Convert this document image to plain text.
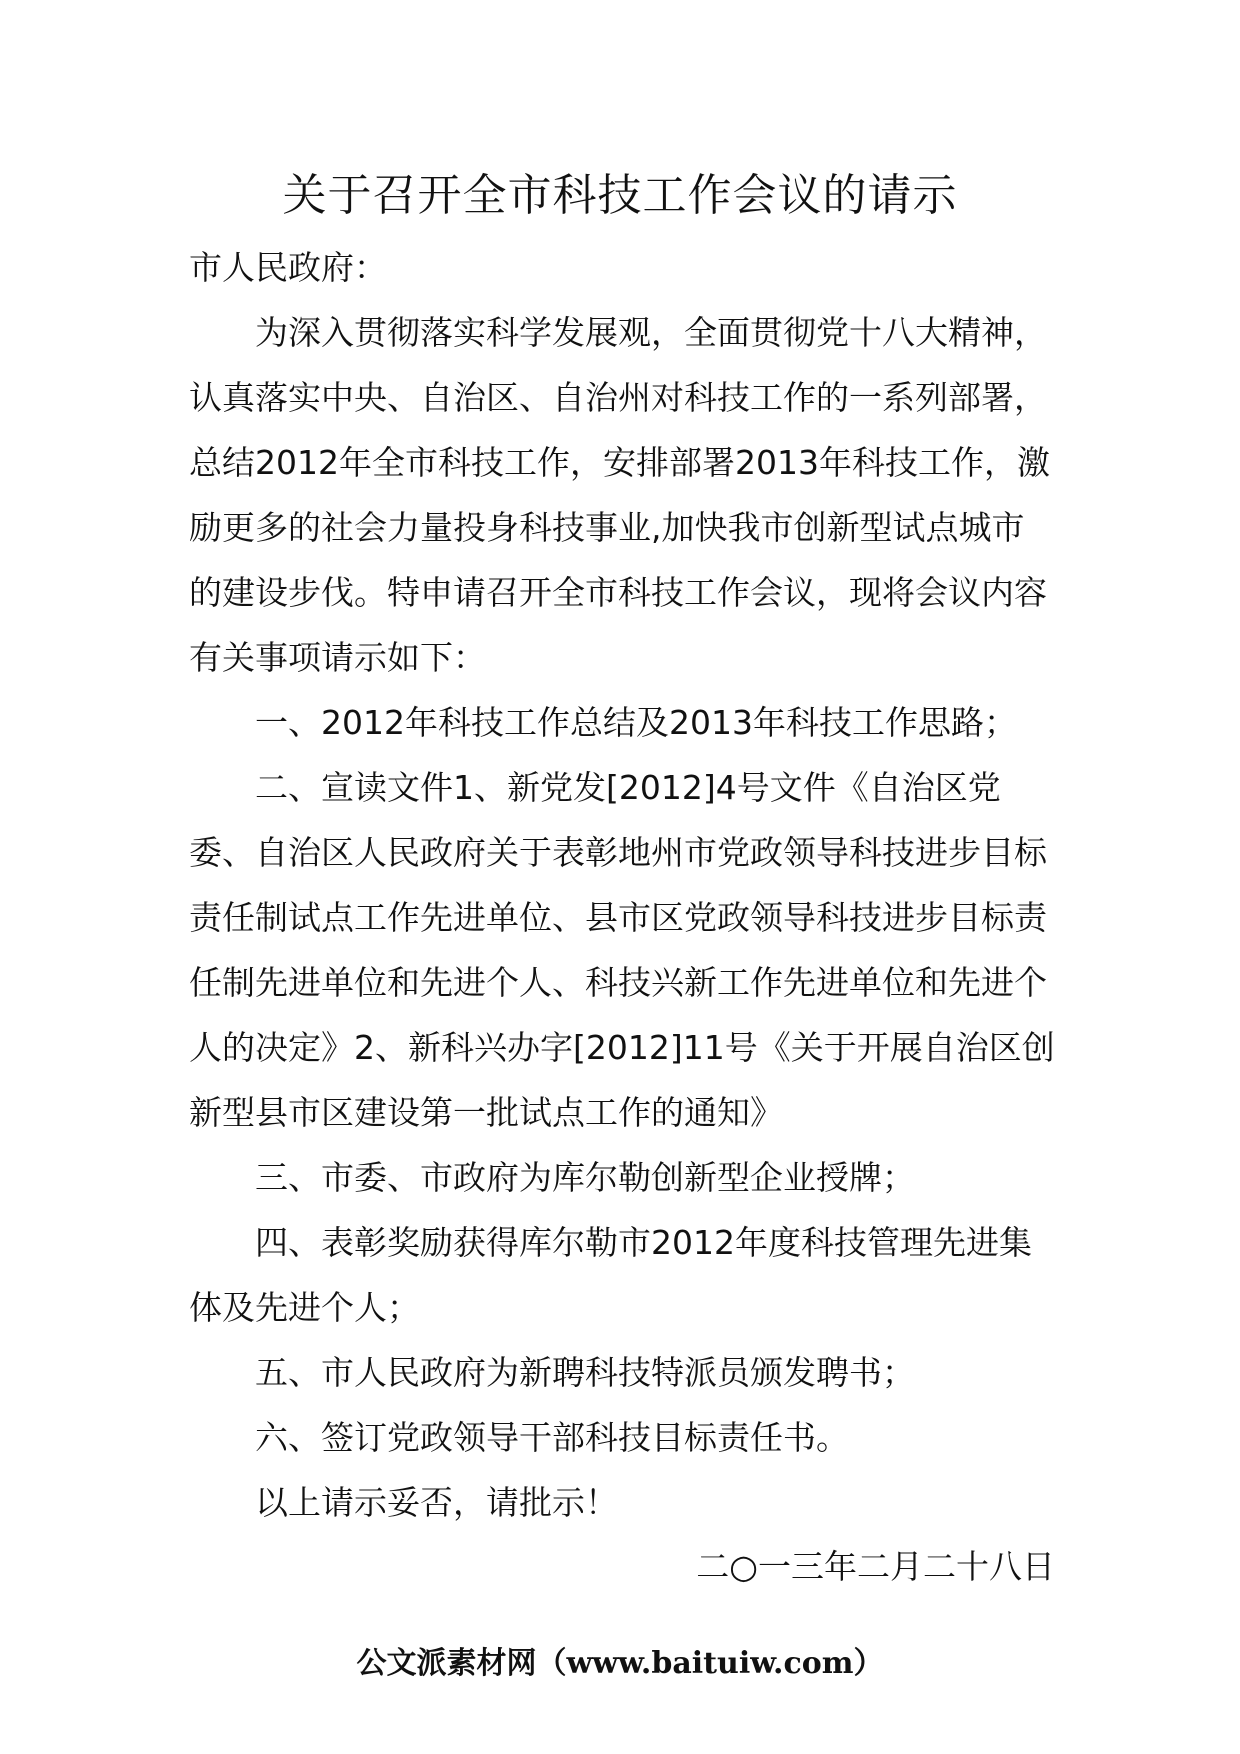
关于召开全市科技工作会议的请示

市人民政府：

为深入贯彻落实科学发展观，全面贯彻党十八大精神，认真落实中央、自治区、自治州对科技工作的一系列部署，总结2012年全市科技工作，安排部署2013年科技工作，激励更多的社会力量投身科技事业,加快我市创新型试点城市的建设步伐。特申请召开全市科技工作会议，现将会议内容有关事项请示如下：

一、2012年科技工作总结及2013年科技工作思路；

二、宣读文件1、新党发[2012]4号文件《自治区党委、自治区人民政府关于表彰地州市党政领导科技进步目标责任制试点工作先进单位、县市区党政领导科技进步目标责任制先进单位和先进个人、科技兴新工作先进单位和先进个人的决定》2、新科兴办字[2012]11号《关于开展自治区创新型县市区建设第一批试点工作的通知》

三、市委、市政府为库尔勒创新型企业授牌；

四、表彰奖励获得库尔勒市2012年度科技管理先进集体及先进个人；

五、市人民政府为新聘科技特派员颁发聘书；

六、签订党政领导干部科技目标责任书。

以上请示妥否，请批示！

二○一三年二月二十八日
公文派素材网（www.baituiw.com）
